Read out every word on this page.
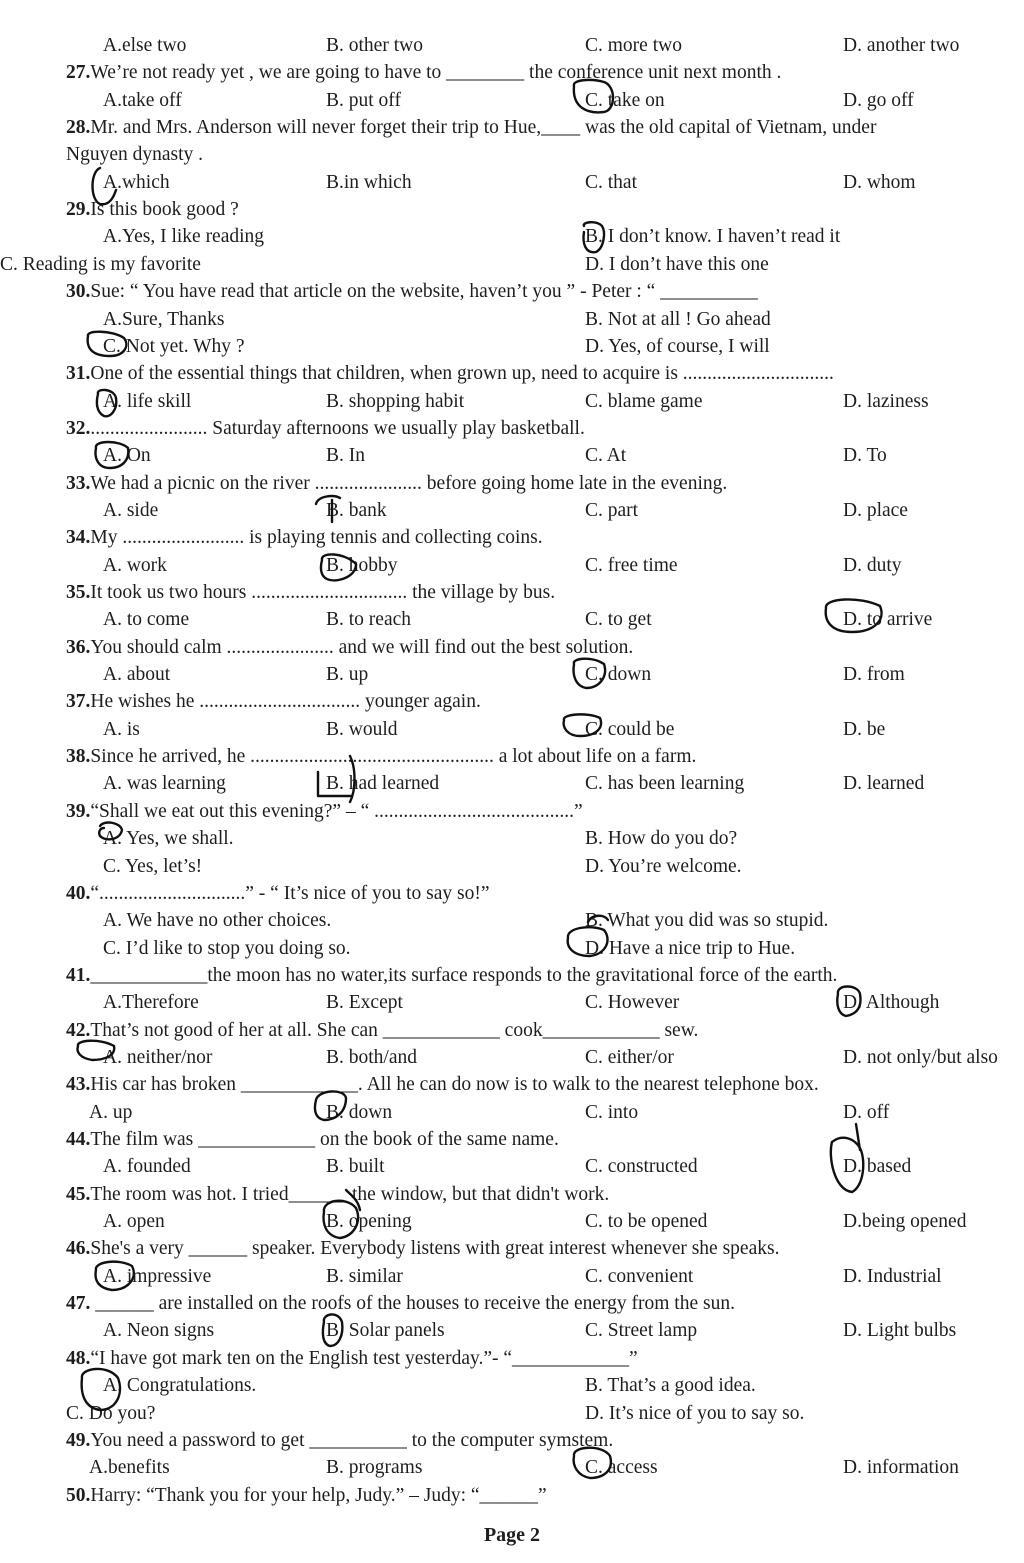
A.else two	B. other two	C. more two	D. another two
27.We’re not ready yet , we are going to have to ________ the conference unit next month .
A.take off	B. put off	C. take on	D. go off
28.Mr. and Mrs. Anderson will never forget their trip to Hue,____ was the old capital of Vietnam, under
Nguyen dynasty .
A.which	B.in which	C. that	D. whom
29.Is this book good ?
A.Yes, I like reading	B. I don’t know. I haven’t read it
C. Reading is my favorite	D. I don’t have this one
30.Sue: “ You have read that article on the website, haven’t you ” - Peter : “ __________
A.Sure, Thanks	B. Not at all ! Go ahead
C. Not yet. Why ?	D. Yes, of course, I will
31.One of the essential things that children, when grown up, need to acquire is ...............................
A. life skill	B. shopping habit	C. blame game	D. laziness
32......................... Saturday afternoons we usually play basketball.
A. On	B. In	C. At	D. To
33.We had a picnic on the river ...................... before going home late in the evening.
A. side	B. bank	C. part	D. place
34.My ......................... is playing tennis and collecting coins.
A. work	B. hobby	C. free time	D. duty
35.It took us two hours ................................ the village by bus.
A. to come	B. to reach	C. to get	D. to arrive
36.You should calm ...................... and we will find out the best solution.
A. about	B. up	C. down	D. from
37.He wishes he ................................. younger again.
A. is	B. would	C. could be	D. be
38.Since he arrived, he .................................................. a lot about life on a farm.
A. was learning	B. had learned	C. has been learning	D. learned
39.“Shall we eat out this evening?” – “ .........................................”
A. Yes, we shall.	B. How do you do?
C. Yes, let’s!	D. You’re welcome.
40.“..............................” - “ It’s nice of you to say so!”
A. We have no other choices.	B. What you did was so stupid.
C. I’d like to stop you doing so.	D. Have a nice trip to Hue.
41.____________the moon has no water,its surface responds to the gravitational force of the earth.
A.Therefore	B. Except	C. However	D. Although
42.That’s not good of her at all. She can ____________ cook____________ sew.
A. neither/nor	B. both/and	C. either/or	D. not only/but also
43.His car has broken ____________. All he can do now is to walk to the nearest telephone box.
A. up	B. down	C. into	D. off
44.The film was ____________ on the book of the same name.
A. founded	B. built	C. constructed	D. based
45.The room was hot. I tried______ the window, but that didn't work.
A. open	B. opening	C. to be opened	D.being opened
46.She's a very ______ speaker. Everybody listens with great interest whenever she speaks.
A. impressive	B. similar	C. convenient	D. Industrial
47. ______ are installed on the roofs of the houses to receive the energy from the sun.
A. Neon signs	B. Solar panels	C. Street lamp	D. Light bulbs
48.“I have got mark ten on the English test yesterday.”- “____________”
A. Congratulations.	B. That’s a good idea.
C. Do you?	D. It’s nice of you to say so.
49.You need a password to get __________ to the computer symstem.
A.benefits	B. programs	C. access	D. information
50.Harry: “Thank you for your help, Judy.” – Judy: “______”
Page 2
